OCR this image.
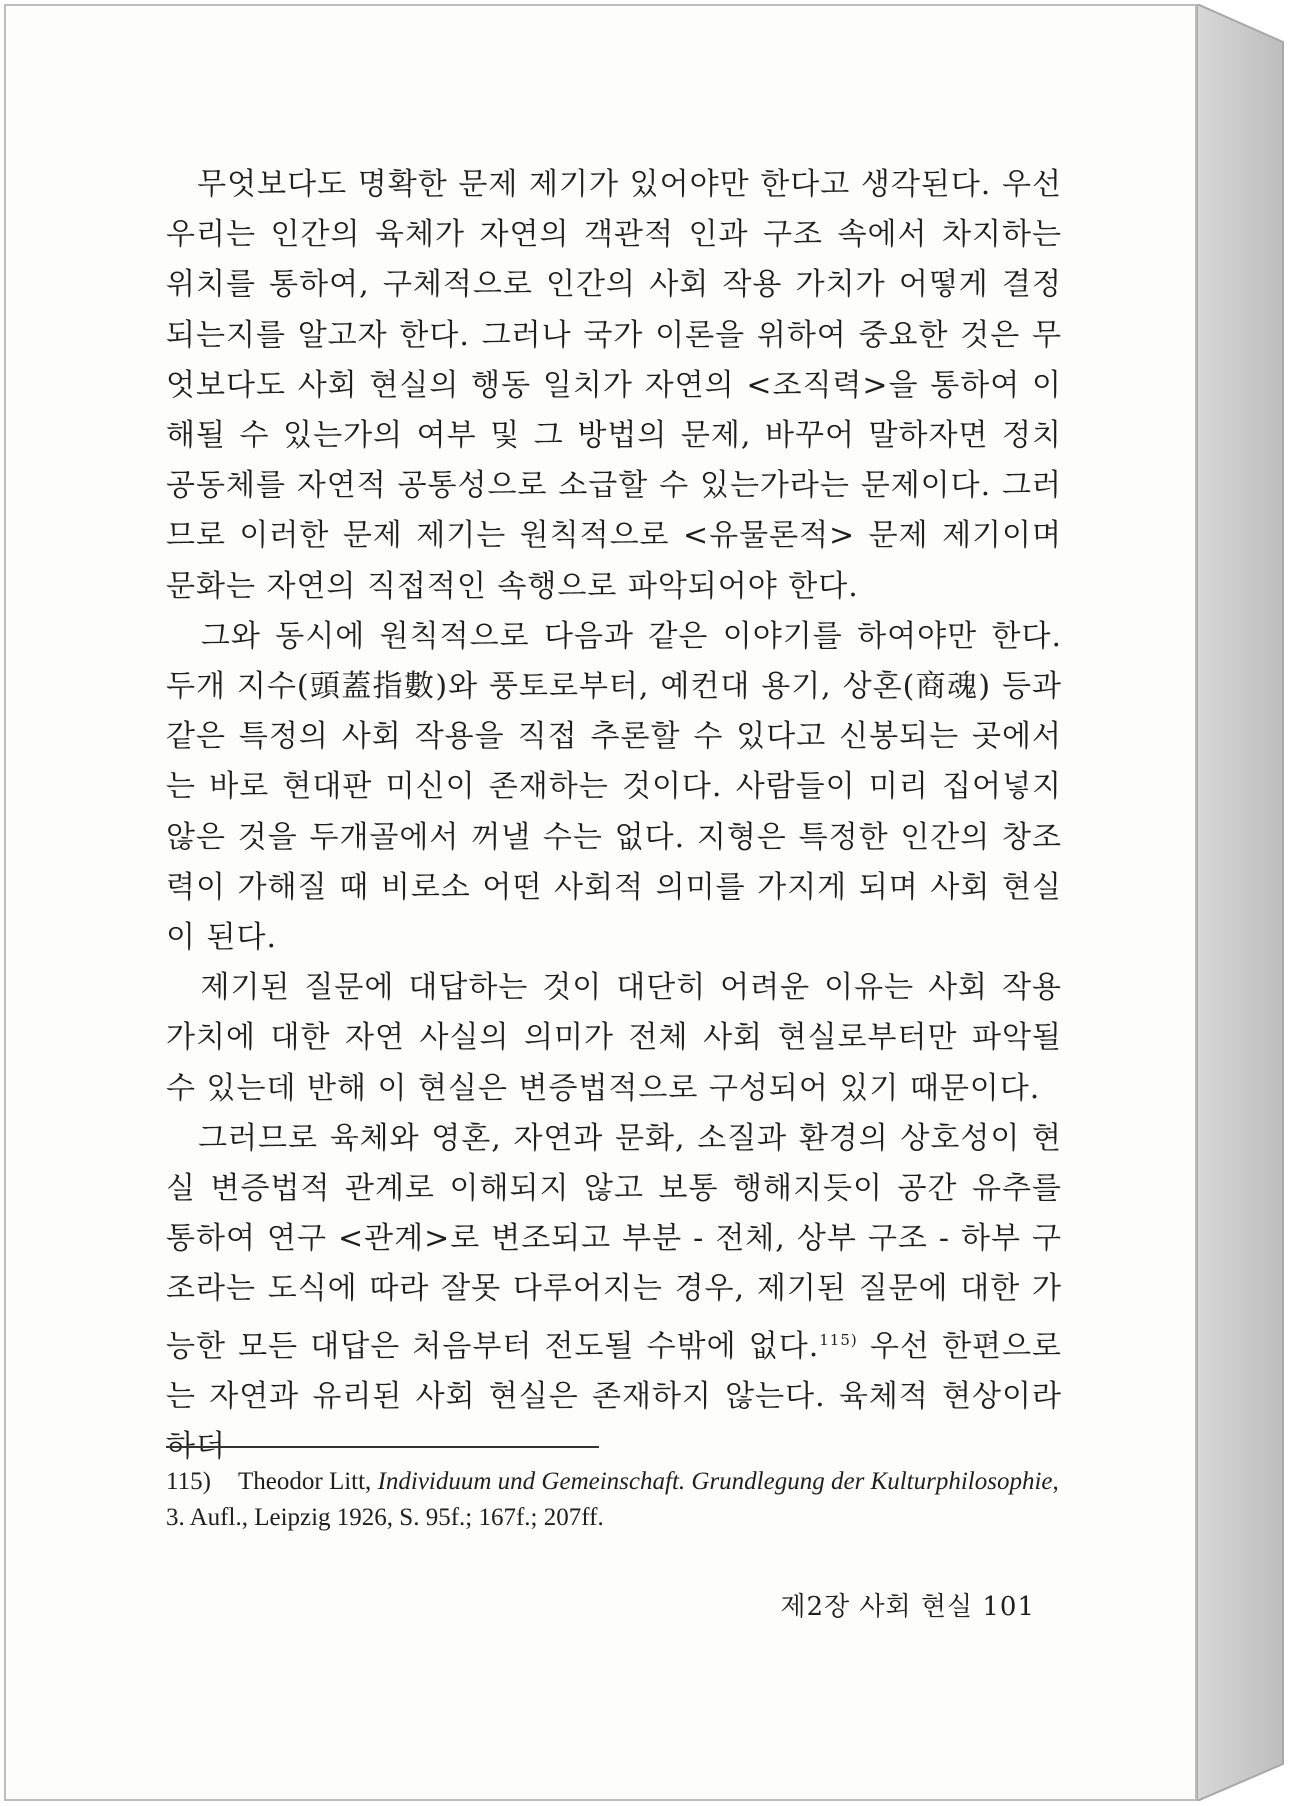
　무엇보다도 명확한 문제 제기가 있어야만 한다고 생각된다. 우선 우리는 인간의 육체가 자연의 객관적 인과 구조 속에서 차지하는 위치를 통하여, 구체적으로 인간의 사회 작용 가치가 어떻게 결정되는지를 알고자 한다. 그러나 국가 이론을 위하여 중요한 것은 무엇보다도 사회 현실의 행동 일치가 자연의 <조직력>을 통하여 이해될 수 있는가의 여부 및 그 방법의 문제, 바꾸어 말하자면 정치 공동체를 자연적 공통성으로 소급할 수 있는가라는 문제이다. 그러므로 이러한 문제 제기는 원칙적으로 <유물론적> 문제 제기이며 문화는 자연의 직접적인 속행으로 파악되어야 한다.

　그와 동시에 원칙적으로 다음과 같은 이야기를 하여야만 한다. 두개 지수(頭蓋指數)와 풍토로부터, 예컨대 용기, 상혼(商魂) 등과 같은 특정의 사회 작용을 직접 추론할 수 있다고 신봉되는 곳에서는 바로 현대판 미신이 존재하는 것이다. 사람들이 미리 집어넣지 않은 것을 두개골에서 꺼낼 수는 없다. 지형은 특정한 인간의 창조력이 가해질 때 비로소 어떤 사회적 의미를 가지게 되며 사회 현실이 된다.

　제기된 질문에 대답하는 것이 대단히 어려운 이유는 사회 작용 가치에 대한 자연 사실의 의미가 전체 사회 현실로부터만 파악될 수 있는데 반해 이 현실은 변증법적으로 구성되어 있기 때문이다.

　그러므로 육체와 영혼, 자연과 문화, 소질과 환경의 상호성이 현실 변증법적 관계로 이해되지 않고 보통 행해지듯이 공간 유추를 통하여 연구 <관계>로 변조되고 부분 - 전체, 상부 구조 - 하부 구조라는 도식에 따라 잘못 다루어지는 경우, 제기된 질문에 대한 가능한 모든 대답은 처음부터 전도될 수밖에 없다.$^{115)}$ 우선 한편으로는 자연과 유리된 사회 현실은 존재하지 않는다. 육체적 현상이라 하더

115) Theodor Litt, Individuum und Gemeinschaft. Grundlegung der Kulturphilosophie, 3. Aufl., Leipzig 1926, S. 95f.; 167f.; 207ff.
제2장 사회 현실 101
